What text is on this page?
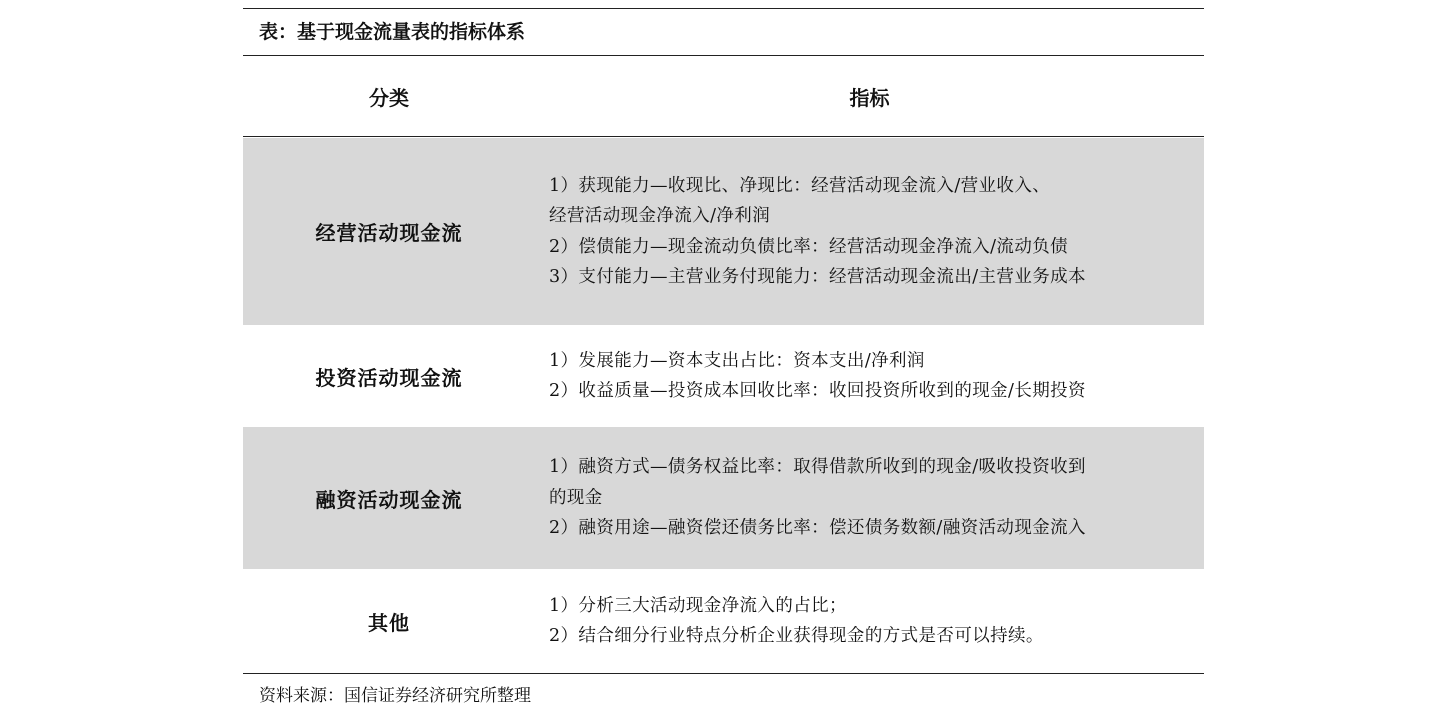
表：基于现金流量表的指标体系
分类	指标
经营活动现金流
1）获现能力—收现比、净现比：经营活动现金流入/营业收入、
经营活动现金净流入/净利润
2）偿债能力—现金流动负债比率：经营活动现金净流入/流动负债
3）支付能力—主营业务付现能力：经营活动现金流出/主营业务成本
投资活动现金流
1）发展能力—资本支出占比：资本支出/净利润
2）收益质量—投资成本回收比率：收回投资所收到的现金/长期投资
融资活动现金流
1）融资方式—债务权益比率：取得借款所收到的现金/吸收投资收到
的现金
2）融资用途—融资偿还债务比率：偿还债务数额/融资活动现金流入
其他
1）分析三大活动现金净流入的占比；
2）结合细分行业特点分析企业获得现金的方式是否可以持续。
资料来源：国信证券经济研究所整理
